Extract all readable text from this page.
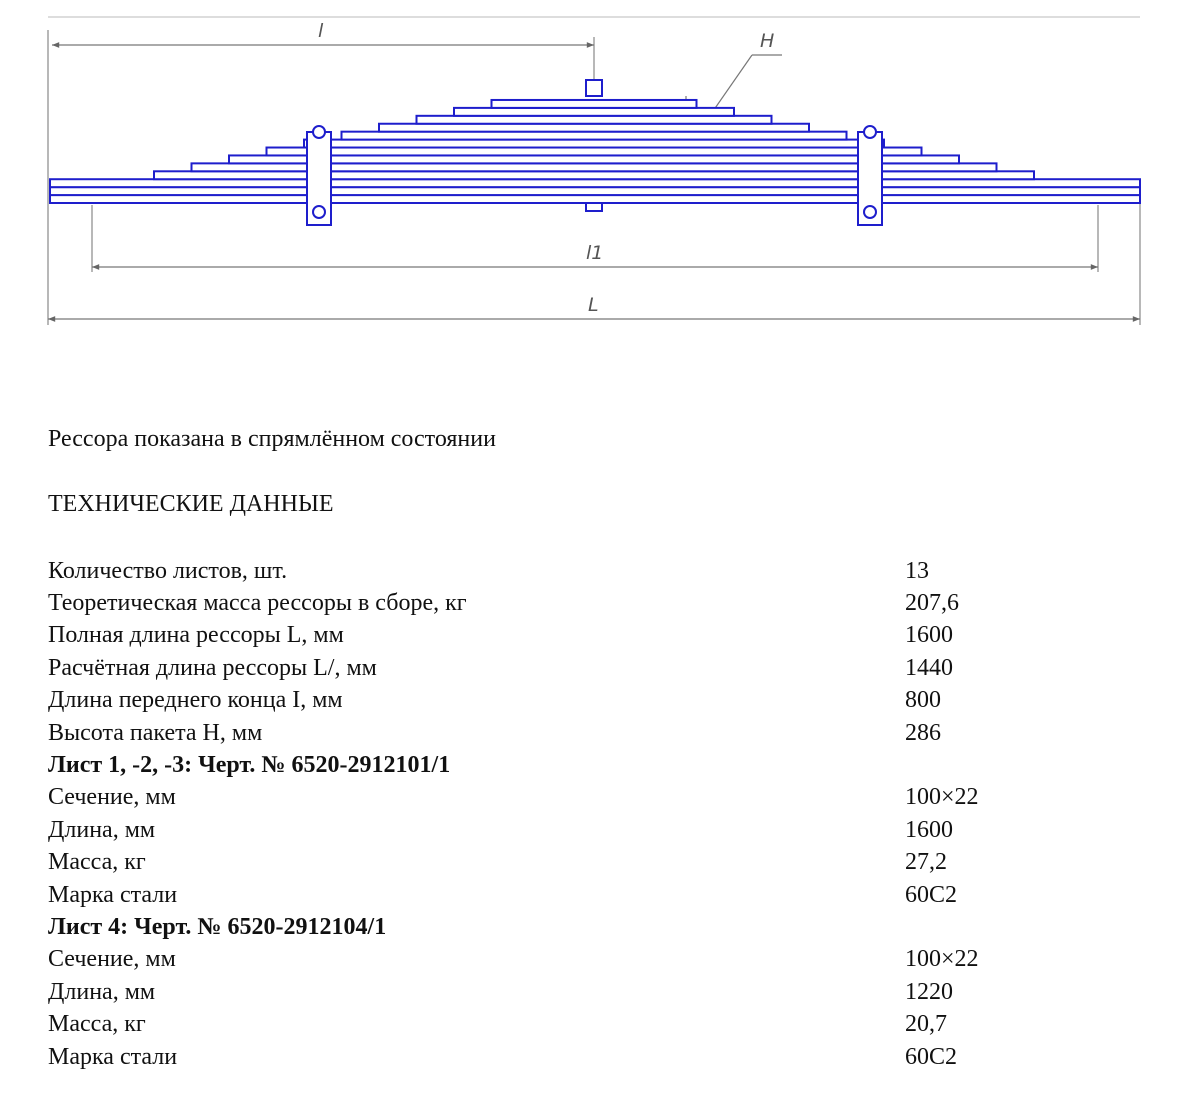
l	H
l1
L
Рессора показана в спрямлённом состоянии
ТЕХНИЧЕСКИЕ ДАННЫЕ
Количество листов, шт.	13
Теоретическая масса рессоры в сборе, кг	207,6
Полная длина рессоры L, мм	1600
Расчётная длина рессоры L/, мм	1440
Длина переднего конца I, мм	800
Высота пакета Н, мм	286
Лист 1, -2, -3: Черт. № 6520-2912101/1
Сечение, мм	100×22
Длина, мм	1600
Масса, кг	27,2
Марка стали	60С2
Лист 4: Черт. № 6520-2912104/1
Сечение, мм	100×22
Длина, мм	1220
Масса, кг	20,7
Марка стали	60С2
